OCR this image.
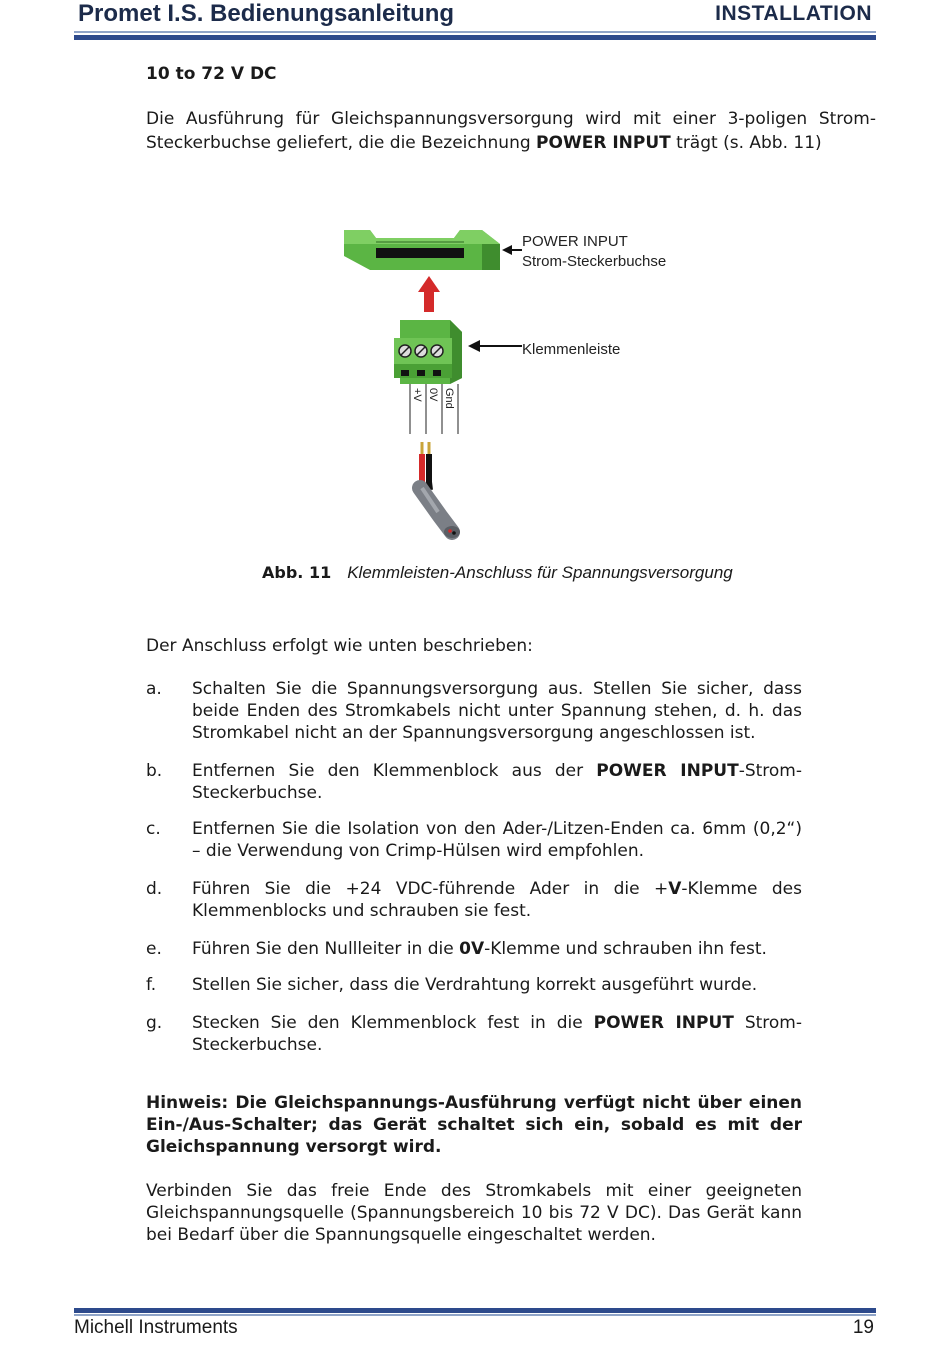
Promet I.S. Bedienungsanleitung	INSTALLATION
10 to 72 V DC
Die Ausführung für Gleichspannungsversorgung wird mit einer 3-poligen Strom-Steckerbuchse geliefert, die die Bezeichnung POWER INPUT trägt (s. Abb. 11)
POWER INPUT
Strom-Steckerbuchse
Klemmenleiste
+V 0V Gnd
Abb. 11 Klemmleisten-Anschluss für Spannungsversorgung
Der Anschluss erfolgt wie unten beschrieben:
a. Schalten Sie die Spannungsversorgung aus. Stellen Sie sicher, dass beide Enden des Stromkabels nicht unter Spannung stehen, d. h. das Stromkabel nicht an der Spannungsversorgung angeschlossen ist.
b. Entfernen Sie den Klemmenblock aus der POWER INPUT-Strom-Steckerbuchse.
c. Entfernen Sie die Isolation von den Ader-/Litzen-Enden ca. 6mm (0,2“) – die Verwendung von Crimp-Hülsen wird empfohlen.
d. Führen Sie die +24 VDC-führende Ader in die +V-Klemme des Klemmenblocks und schrauben sie fest.
e. Führen Sie den Nullleiter in die 0V-Klemme und schrauben ihn fest.
f. Stellen Sie sicher, dass die Verdrahtung korrekt ausgeführt wurde.
g. Stecken Sie den Klemmenblock fest in die POWER INPUT Strom-Steckerbuchse.
Hinweis: Die Gleichspannungs-Ausführung verfügt nicht über einen Ein-/Aus-Schalter; das Gerät schaltet sich ein, sobald es mit der Gleichspannung versorgt wird.
Verbinden Sie das freie Ende des Stromkabels mit einer geeigneten Gleichspannungsquelle (Spannungsbereich 10 bis 72 V DC). Das Gerät kann bei Bedarf über die Spannungsquelle eingeschaltet werden.
Michell Instruments	19
